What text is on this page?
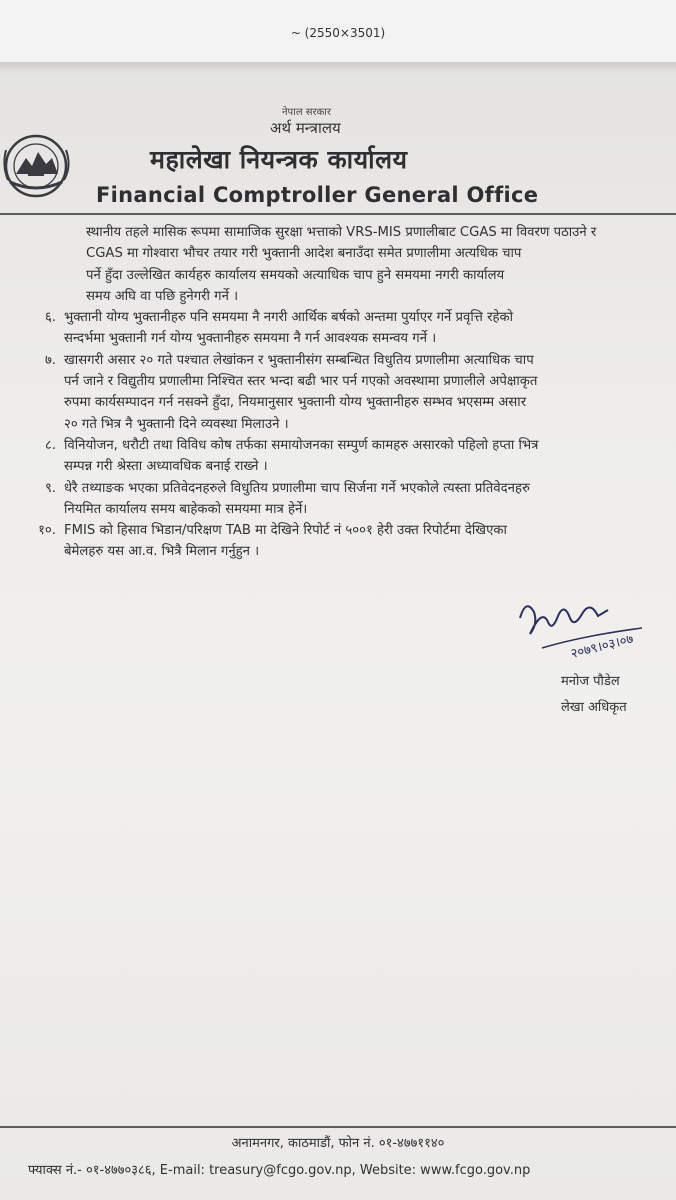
~ (2550×3501)
नेपाल सरकार
अर्थ मन्त्रालय
महालेखा नियन्त्रक कार्यालय
Financial Comptroller General Office

स्थानीय तहले मासिक रूपमा सामाजिक सुरक्षा भत्ताको VRS-MIS प्रणालीबाट CGAS मा विवरण पठाउने र

CGAS मा गोश्वारा भौचर तयार गरी भुक्तानी आदेश बनाउँदा समेत प्रणालीमा अत्यधिक चाप

पर्ने हुँदा उल्लेखित कार्यहरु कार्यालय समयको अत्याधिक चाप हुने समयमा नगरी कार्यालय

समय अघि वा पछि हुनेगरी गर्ने ।

६. भुक्तानी योग्य भुक्तानीहरु पनि समयमा नै नगरी आर्थिक बर्षको अन्तमा पुर्याएर गर्ने प्रवृत्ति रहेको

सन्दर्भमा भुक्तानी गर्न योग्य भुक्तानीहरु समयमा नै गर्न आवश्यक समन्वय गर्ने ।

७. खासगरी असार २० गते पश्चात लेखांकन र भुक्तानीसंग सम्बन्धित विधुतिय प्रणालीमा अत्याधिक चाप

पर्न जाने र विद्युतीय प्रणालीमा निश्चित स्तर भन्दा बढी भार पर्न गएको अवस्थामा प्रणालीले अपेक्षाकृत

रुपमा कार्यसम्पादन गर्न नसक्ने हुँदा, नियमानुसार भुक्तानी योग्य भुक्तानीहरु सम्भव भएसम्म असार

२० गते भित्र नै भुक्तानी दिने व्यवस्था मिलाउने ।

८. विनियोजन, धरौटी तथा विविध कोष तर्फका समायोजनका सम्पुर्ण कामहरु असारको पहिलो हप्ता भित्र

सम्पन्न गरी श्रेस्ता अध्यावधिक बनाई राख्ने ।

९. धेरै तथ्याङक भएका प्रतिवेदनहरुले विधुतिय प्रणालीमा चाप सिर्जना गर्ने भएकोले त्यस्ता प्रतिवेदनहरु

नियमित कार्यालय समय बाहेकको समयमा मात्र हेर्ने।

१०. FMIS को हिसाव भिडान/परिक्षण TAB मा देखिने रिपोर्ट नं ५००१ हेरी उक्त रिपोर्टमा देखिएका

बेमेलहरु यस आ.व. भित्रै मिलान गर्नुहुन ।

२०७९।०३।०७
मनोज पौडेल
लेखा अधिकृत
अनामनगर, काठमाडौं, फोन नं. ०१-४७७११४०
फ्याक्स नं.- ०१-४७७०३८६, E-mail: treasury@fcgo.gov.np, Website: www.fcgo.gov.np
